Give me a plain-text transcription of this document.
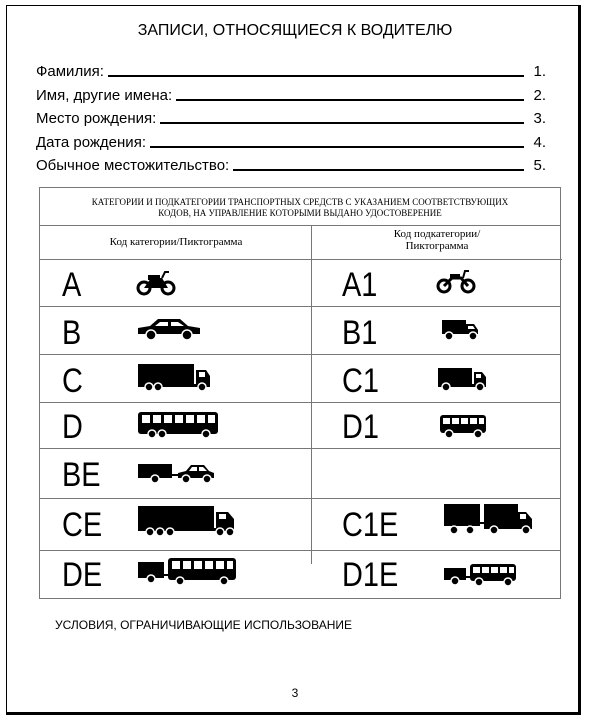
ЗАПИСИ, ОТНОСЯЩИЕСЯ К ВОДИТЕЛЮ
Фамилия:	1.
Имя, другие имена:	2.
Место рождения:	3.
Дата рождения:	4.
Обычное местожительство:	5.
КАТЕГОРИИ И ПОДКАТЕГОРИИ ТРАНСПОРТНЫХ СРЕДСТВ С УКАЗАНИЕМ СООТВЕТСТВУЮЩИХ
КОДОВ, НА УПРАВЛЕНИЕ КОТОРЫМИ ВЫДАНО УДОСТОВЕРЕНИЕ
Код категории/Пиктограмма
Код подкатегории/
Пиктограмма
A	A1
B	B1
C	C1
D	D1
BE
CE	C1E
DE	D1E
УСЛОВИЯ, ОГРАНИЧИВАЮЩИЕ ИСПОЛЬЗОВАНИЕ
3
